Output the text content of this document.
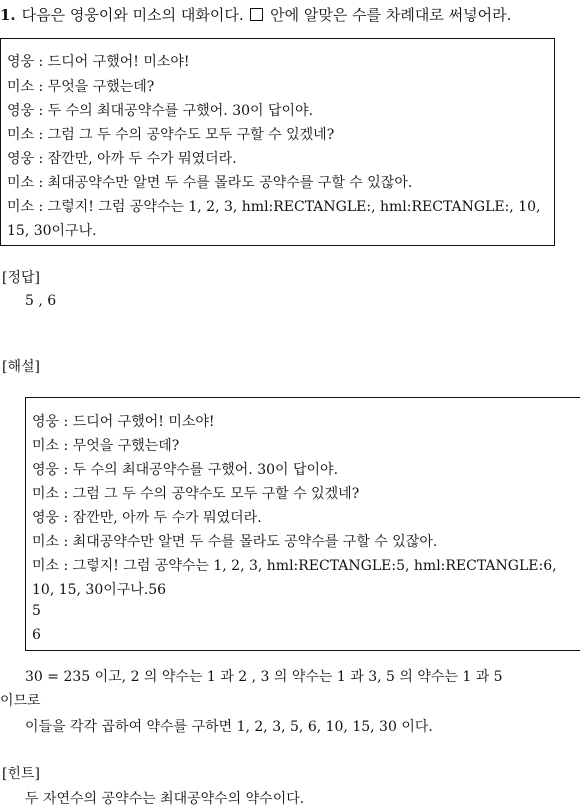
1. 다음은 영웅이와 미소의 대화이다. 안에 알맞은 수를 차례대로 써넣어라.
영웅 : 드디어 구했어! 미소야!
미소 : 무엇을 구했는데?
영웅 : 두 수의 최대공약수를 구했어. 30이 답이야.
미소 : 그럼 그 두 수의 공약수도 모두 구할 수 있겠네?
영웅 : 잠깐만, 아까 두 수가 뭐였더라.
미소 : 최대공약수만 알면 두 수를 몰라도 공약수를 구할 수 있잖아.
미소 : 그렇지! 그럼 공약수는 1, 2, 3, hml:RECTANGLE:, hml:RECTANGLE:, 10,
15, 30이구나.
[정답]
5 , 6
[해설]
영웅 : 드디어 구했어! 미소야!
미소 : 무엇을 구했는데?
영웅 : 두 수의 최대공약수를 구했어. 30이 답이야.
미소 : 그럼 그 두 수의 공약수도 모두 구할 수 있겠네?
영웅 : 잠깐만, 아까 두 수가 뭐였더라.
미소 : 최대공약수만 알면 두 수를 몰라도 공약수를 구할 수 있잖아.
미소 : 그렇지! 그럼 공약수는 1, 2, 3, hml:RECTANGLE:5, hml:RECTANGLE:6,
10, 15, 30이구나.56
5
6
30 = 235 이고, 2 의 약수는 1 과 2 , 3 의 약수는 1 과 3, 5 의 약수는 1 과 5
이므로
이들을 각각 곱하여 약수를 구하면 1, 2, 3, 5, 6, 10, 15, 30 이다.
[힌트]
두 자연수의 공약수는 최대공약수의 약수이다.
